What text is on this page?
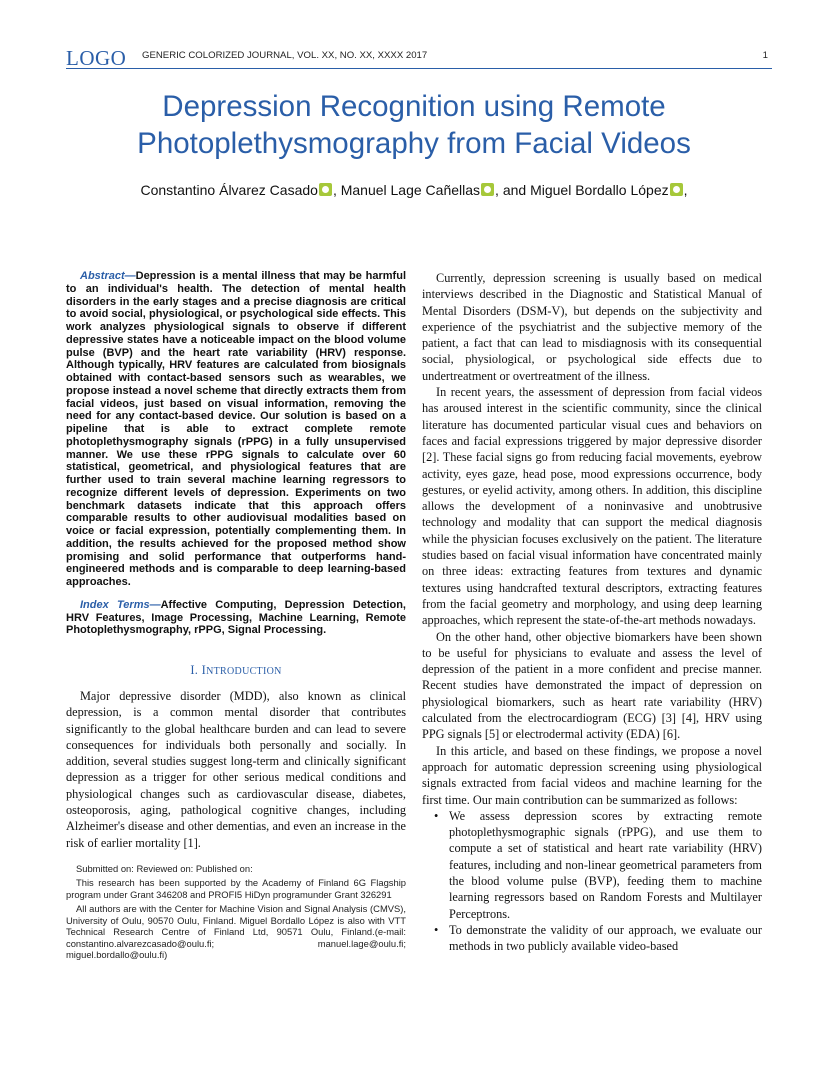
LOGO GENERIC COLORIZED JOURNAL, VOL. XX, NO. XX, XXXX 2017	1
Depression Recognition using Remote
Photoplethysmography from Facial Videos
Constantino Álvarez Casado , Manuel Lage Cañellas , and Miguel Bordallo López ,

Abstract—Depression is a mental illness that may be harmful to an individual's health. The detection of mental health disorders in the early stages and a precise diagnosis are critical to avoid social, physiological, or psychological side effects. This work analyzes physiological signals to observe if different depressive states have a noticeable impact on the blood volume pulse (BVP) and the heart rate variability (HRV) response. Although typically, HRV features are calculated from biosignals obtained with contact-based sensors such as wearables, we propose instead a novel scheme that directly extracts them from facial videos, just based on visual information, removing the need for any contact-based device. Our solution is based on a pipeline that is able to extract complete remote photoplethysmography signals (rPPG) in a fully unsupervised manner. We use these rPPG signals to calculate over 60 statistical, geometrical, and physiological features that are further used to train several machine learning regressors to recognize different levels of depression. Experiments on two benchmark datasets indicate that this approach offers comparable results to other audiovisual modalities based on voice or facial expression, potentially complementing them. In addition, the results achieved for the proposed method show promising and solid performance that outperforms hand-engineered methods and is comparable to deep learning-based approaches.

Index Terms—Affective Computing, Depression Detection, HRV Features, Image Processing, Machine Learning, Remote Photoplethysmography, rPPG, Signal Processing.

I. INTRODUCTION

Major depressive disorder (MDD), also known as clinical depression, is a common mental disorder that contributes significantly to the global healthcare burden and can lead to severe consequences for individuals both personally and socially. In addition, several studies suggest long-term and clinically significant depression as a trigger for other serious medical conditions and physiological changes such as cardiovascular disease, diabetes, osteoporosis, aging, pathological cognitive changes, including Alzheimer's disease and other dementias, and even an increase in the risk of earlier mortality [1].

Submitted on: Reviewed on: Published on:

This research has been supported by the Academy of Finland 6G Flagship program under Grant 346208 and PROFI5 HiDyn programunder Grant 326291

All authors are with the Center for Machine Vision and Signal Analysis (CMVS), University of Oulu, 90570 Oulu, Finland. Miguel Bordallo López is also with VTT Technical Research Centre of Finland Ltd, 90571 Oulu, Finland.(e-mail: constantino.alvarezcasado@oulu.fi; manuel.lage@oulu.fi; miguel.bordallo@oulu.fi)

Currently, depression screening is usually based on medical interviews described in the Diagnostic and Statistical Manual of Mental Disorders (DSM-V), but depends on the subjectivity and experience of the psychiatrist and the subjective memory of the patient, a fact that can lead to misdiagnosis with its consequential social, physiological, or psychological side effects due to undertreatment or overtreatment of the illness.

In recent years, the assessment of depression from facial videos has aroused interest in the scientific community, since the clinical literature has documented particular visual cues and behaviors on faces and facial expressions triggered by major depressive disorder [2]. These facial signs go from reducing facial movements, eyebrow activity, eyes gaze, head pose, mood expressions occurrence, body gestures, or eyelid activity, among others. In addition, this discipline allows the development of a noninvasive and unobtrusive technology and modality that can support the medical diagnosis while the physician focuses exclusively on the patient. The literature studies based on facial visual information have concentrated mainly on three ideas: extracting features from textures and dynamic textures using handcrafted textural descriptors, extracting features from the facial geometry and morphology, and using deep learning approaches, which represent the state-of-the-art methods nowadays.

On the other hand, other objective biomarkers have been shown to be useful for physicians to evaluate and assess the level of depression of the patient in a more confident and precise manner. Recent studies have demonstrated the impact of depression on physiological biomarkers, such as heart rate variability (HRV) calculated from the electrocardiogram (ECG) [3] [4], HRV using PPG signals [5] or electrodermal activity (EDA) [6].

In this article, and based on these findings, we propose a novel approach for automatic depression screening using physiological signals extracted from facial videos and machine learning for the first time. Our main contribution can be summarized as follows:

• We assess depression scores by extracting remote photoplethysmographic signals (rPPG), and use them to compute a set of statistical and heart rate variability (HRV) features, including and non-linear geometrical parameters from the blood volume pulse (BVP), feeding them to machine learning regressors based on Random Forests and Multilayer Perceptrons.
• To demonstrate the validity of our approach, we evaluate our methods in two publicly available video-based
